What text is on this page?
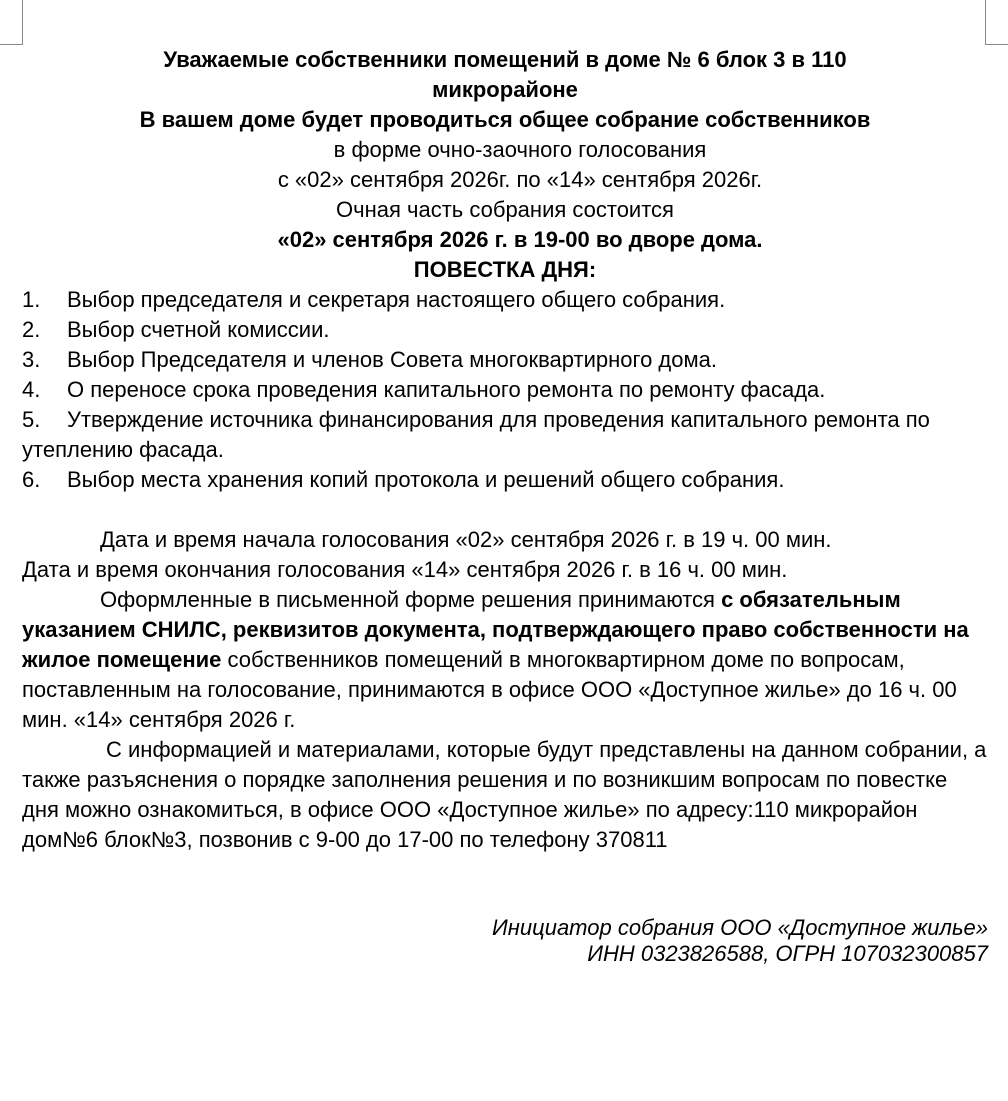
Уважаемые собственники помещений в доме № 6 блок 3 в 110

микрорайоне

В вашем доме будет проводиться общее собрание собственников

в форме очно-заочного голосования

с «02» сентября 2026г. по «14» сентября 2026г.

Очная часть собрания состоится

«02» сентября 2026 г. в 19-00 во дворе дома.

ПОВЕСТКА ДНЯ:

1. Выбор председателя и секретаря настоящего общего собрания.
2. Выбор счетной комиссии.
3. Выбор Председателя и членов Совета многоквартирного дома.
4. О переносе срока проведения капитального ремонта по ремонту фасада.
5. Утверждение источника финансирования для проведения капитального ремонта по утеплению фасада.
6. Выбор места хранения копий протокола и решений общего собрания.

Дата и время начала голосования «02» сентября 2026 г. в 19 ч. 00 мин.

Дата и время окончания голосования «14» сентября 2026 г. в 16 ч. 00 мин.

Оформленные в письменной форме решения принимаются с обязательным указанием СНИЛС, реквизитов документа, подтверждающего право собственности на жилое помещение собственников помещений в многоквартирном доме по вопросам, поставленным на голосование, принимаются в офисе ООО «Доступное жилье» до 16 ч. 00 мин. «14» сентября 2026 г.

С информацией и материалами, которые будут представлены на данном собрании, а также разъяснения о порядке заполнения решения и по возникшим вопросам по повестке дня можно ознакомиться, в офисе ООО «Доступное жилье» по адресу:110 микрорайон дом№6 блок№3, позвонив с 9-00 до 17-00 по телефону 370811

Инициатор собрания ООО «Доступное жилье»
ИНН 0323826588, ОГРН 107032300857
